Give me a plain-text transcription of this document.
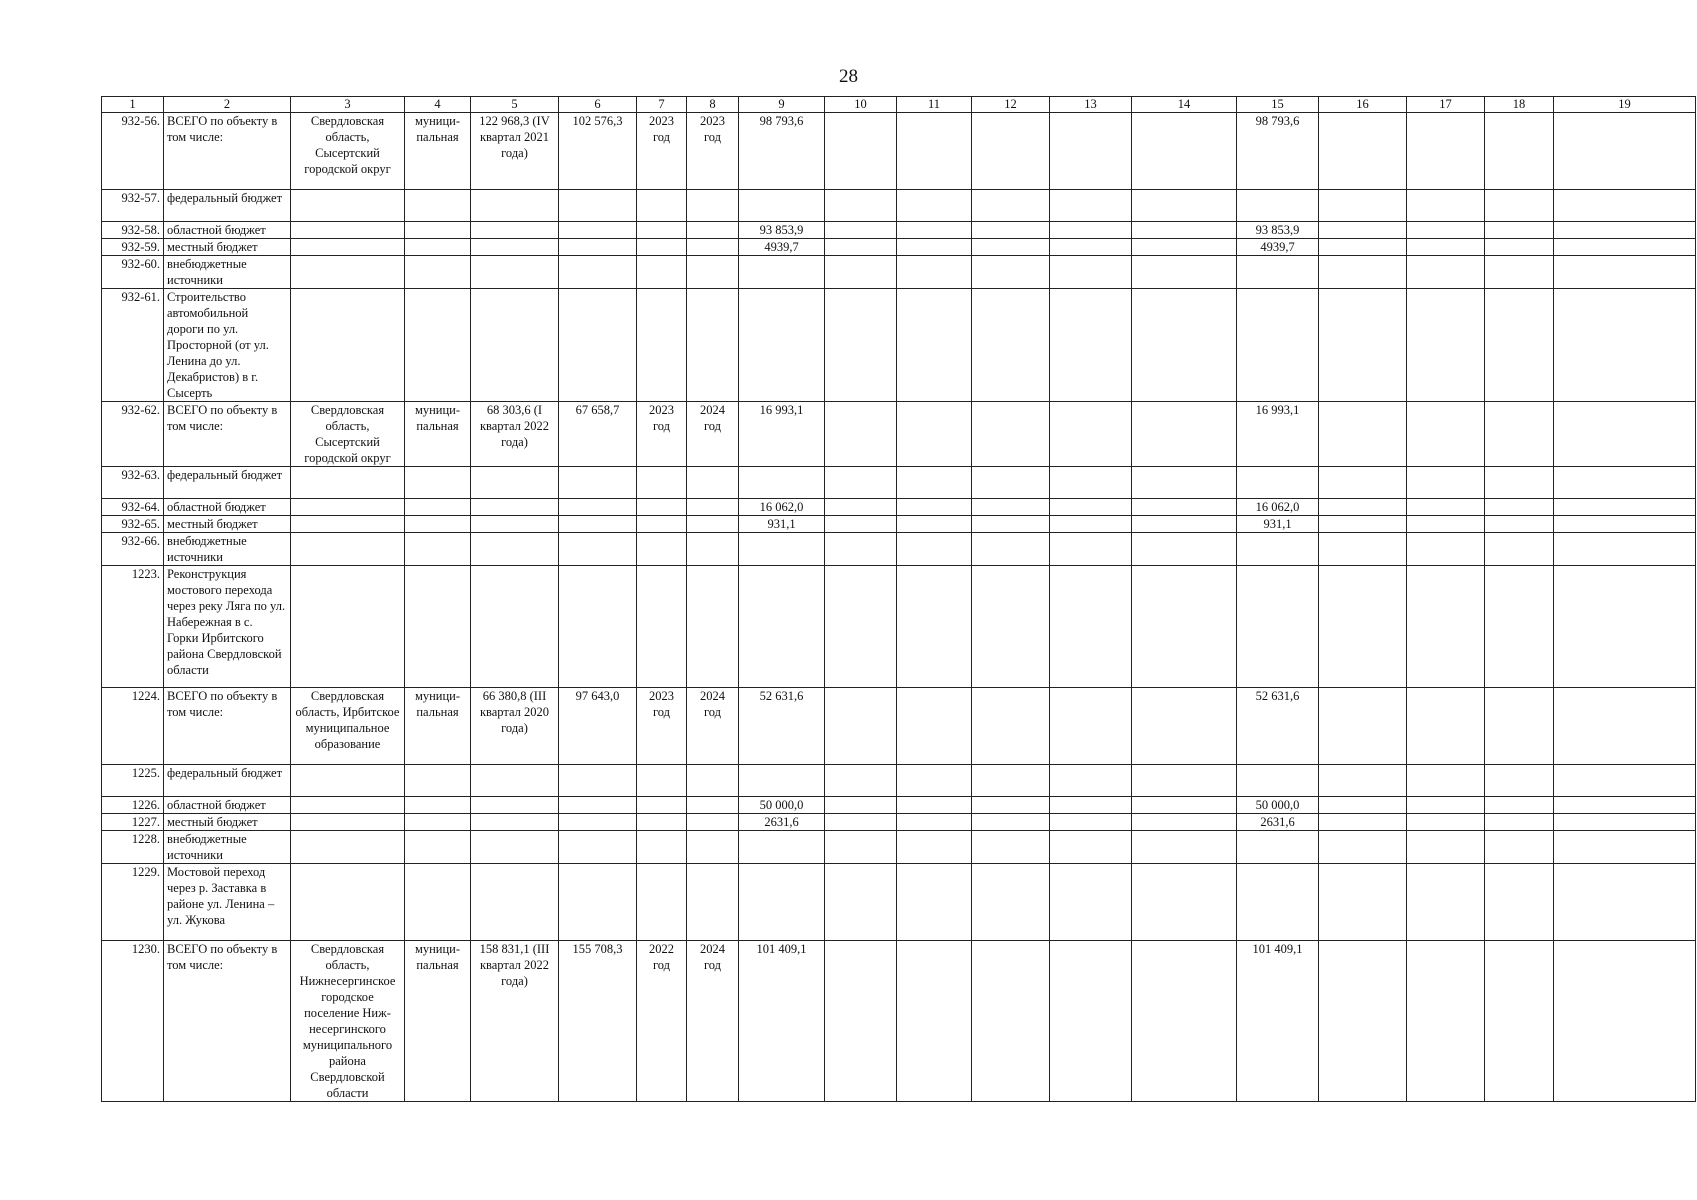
28
1	2	3	4	5	6	7	8	9	10	11	12	13	14	15	16	17	18	19
932-56.	ВСЕГО по объекту в том числе:	Свердловская область, Сысертский городской округ	муници-пальная	122 968,3 (IV квартал 2021 года)	102 576,3	2023 год	2023 год	98 793,6						98 793,6				
932-57.	федеральный бюджет																	
932-58.	областной бюджет							93 853,9						93 853,9				
932-59.	местный бюджет							4939,7						4939,7				
932-60.	внебюджетные источники																	
932-61.	Строительство автомобильной дороги по ул. Просторной (от ул. Ленина до ул. Декабристов) в г. Сысерть																	
932-62.	ВСЕГО по объекту в том числе:	Свердловская область, Сысертский городской округ	муници-пальная	68 303,6 (I квартал 2022 года)	67 658,7	2023 год	2024 год	16 993,1						16 993,1				
932-63.	федеральный бюджет																	
932-64.	областной бюджет							16 062,0						16 062,0				
932-65.	местный бюджет							931,1						931,1				
932-66.	внебюджетные источники																	
1223.	Реконструкция мостового перехода через реку Ляга по ул. Набережная в с. Горки Ирбитского района Свердловской области																	
1224.	ВСЕГО по объекту в том числе:	Свердловская область, Ирбитское муниципальное образование	муници-пальная	66 380,8 (III квартал 2020 года)	97 643,0	2023 год	2024 год	52 631,6						52 631,6				
1225.	федеральный бюджет																	
1226.	областной бюджет							50 000,0						50 000,0				
1227.	местный бюджет							2631,6						2631,6				
1228.	внебюджетные источники																	
1229.	Мостовой переход через р. Заставка в районе ул. Ленина – ул. Жукова																	
1230.	ВСЕГО по объекту в том числе:	Свердловская область, Нижнесергинское городское поселение Ниж-несергинского муниципального района Свердловской области	муници-пальная	158 831,1 (III квартал 2022 года)	155 708,3	2022 год	2024 год	101 409,1						101 409,1				
